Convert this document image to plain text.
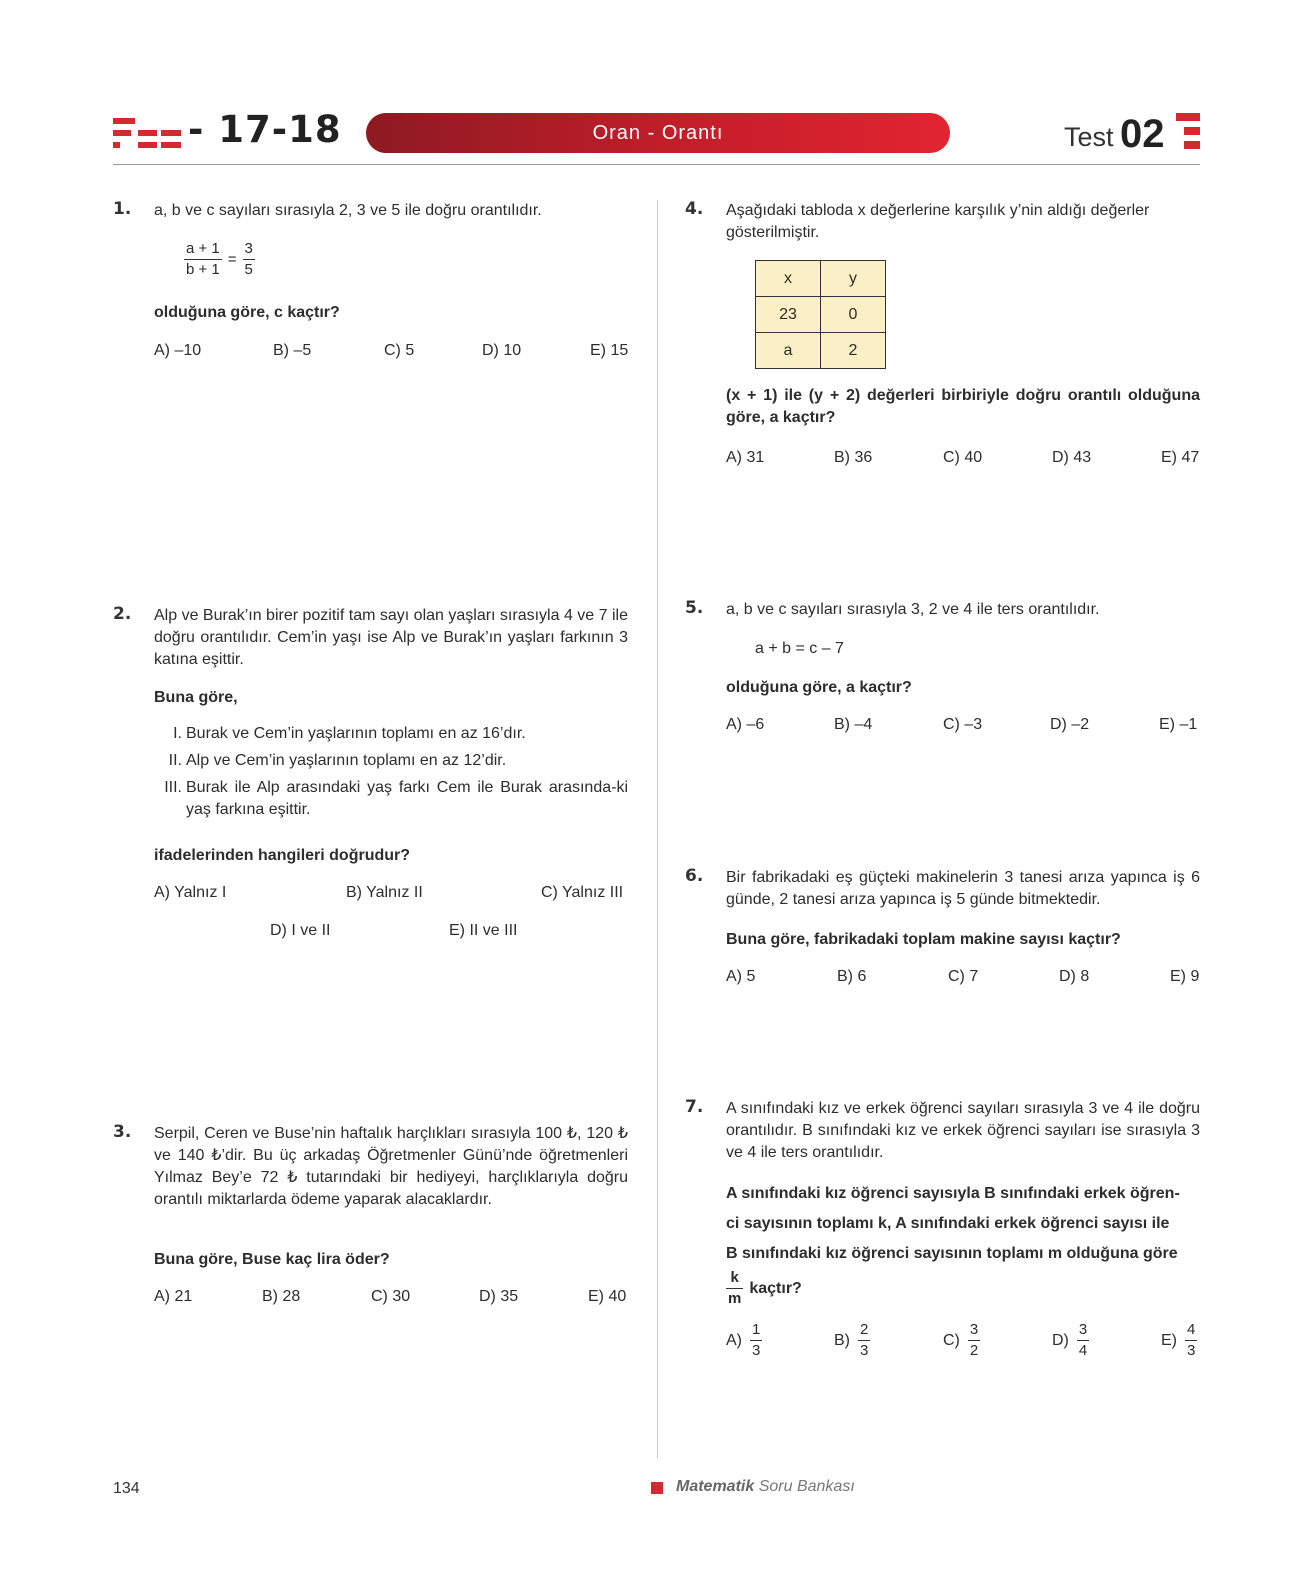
- 17-18	Oran - Orantı	Test 02
1. a, b ve c sayıları sırasıyla 2, 3 ve 5 ile doğru orantılıdır.
$\frac{a + 1}{b + 1} = \frac{3}{5}$
olduğuna göre, c kaçtır?
A) –10	B) –5	C) 5	D) 10	E) 15
2. Alp ve Burak’ın birer pozitif tam sayı olan yaşları sırasıyla 4 ve 7 ile doğru orantılıdır. Cem’in yaşı ise Alp ve Burak’ın yaşları farkının 3 katına eşittir.
Buna göre,
I. Burak ve Cem’in yaşlarının toplamı en az 16’dır.
II. Alp ve Cem’in yaşlarının toplamı en az 12’dir.
III. Burak ile Alp arasındaki yaş farkı Cem ile Burak arasında-ki yaş farkına eşittir.
ifadelerinden hangileri doğrudur?
A) Yalnız I	B) Yalnız II	C) Yalnız III
D) I ve II	E) II ve III
3. Serpil, Ceren ve Buse’nin haftalık harçlıkları sırasıyla 100 ₺, 120 ₺ ve 140 ₺’dir. Bu üç arkadaş Öğretmenler Günü’nde öğretmenleri Yılmaz Bey’e 72 ₺ tutarındaki bir hediyeyi, harçlıklarıyla doğru orantılı miktarlarda ödeme yaparak alacaklardır.
Buna göre, Buse kaç lira öder?
A) 21	B) 28	C) 30	D) 35	E) 40
4. Aşağıdaki tabloda x değerlerine karşılık y’nin aldığı değerler gösterilmiştir.
x	y
23	0
a	2
(x + 1) ile (y + 2) değerleri birbiriyle doğru orantılı olduğuna göre, a kaçtır?
A) 31	B) 36	C) 40	D) 43	E) 47
5. a, b ve c sayıları sırasıyla 3, 2 ve 4 ile ters orantılıdır.
a + b = c – 7
olduğuna göre, a kaçtır?
A) –6	B) –4	C) –3	D) –2	E) –1
6. Bir fabrikadaki eş güçteki makinelerin 3 tanesi arıza yapınca iş 6 günde, 2 tanesi arıza yapınca iş 5 günde bitmektedir.
Buna göre, fabrikadaki toplam makine sayısı kaçtır?
A) 5	B) 6	C) 7	D) 8	E) 9
7. A sınıfındaki kız ve erkek öğrenci sayıları sırasıyla 3 ve 4 ile doğru orantılıdır. B sınıfındaki kız ve erkek öğrenci sayıları ise sırasıyla 3 ve 4 ile ters orantılıdır.
A sınıfındaki kız öğrenci sayısıyla B sınıfındaki erkek öğren-
ci sayısının toplamı k, A sınıfındaki erkek öğrenci sayısı ile
B sınıfındaki kız öğrenci sayısının toplamı m olduğuna göre
$\frac{k}{m}$ kaçtır?
$A) \frac{1}{3}$	$B) \frac{2}{3}$	$C) \frac{3}{2}$	$D) \frac{3}{4}$	$E) \frac{4}{3}$
134	Matematik Soru Bankası
